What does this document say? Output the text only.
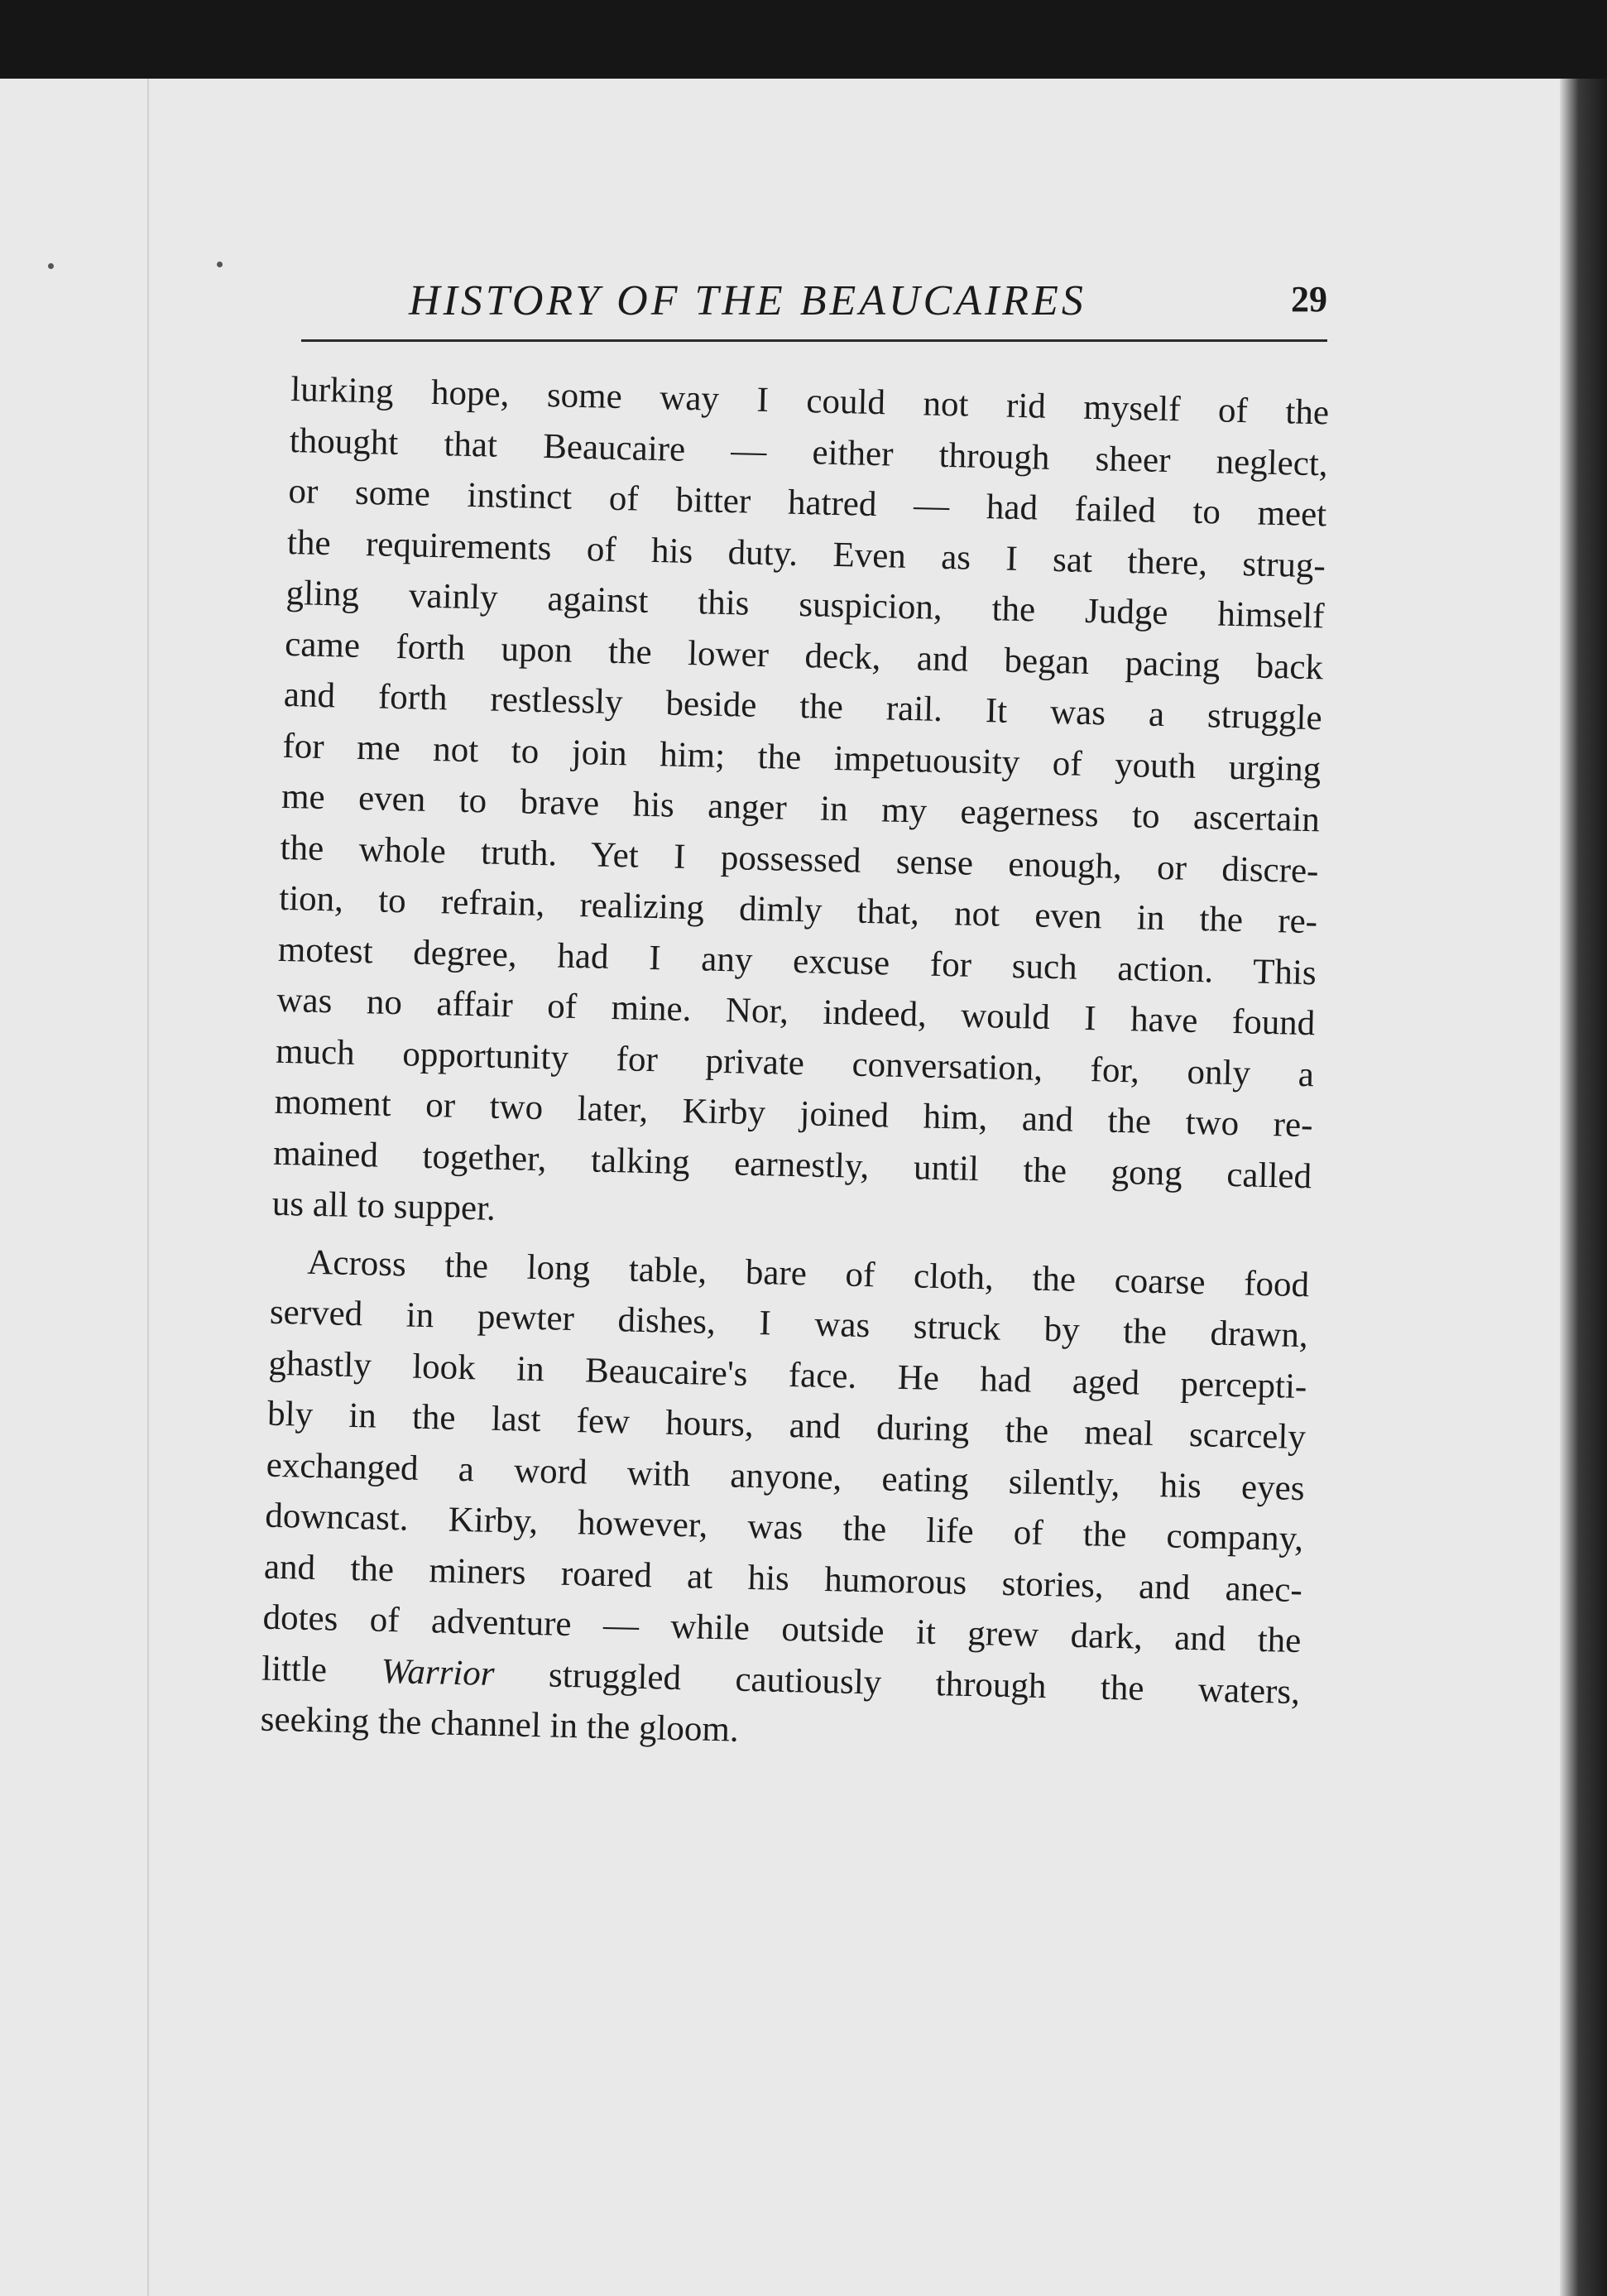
HISTORY OF THE BEAUCAIRES	29
lurking hope, some way I could not rid myself of the
thought that Beaucaire — either through sheer neglect,
or some instinct of bitter hatred — had failed to meet
the requirements of his duty. Even as I sat there, strug-
gling vainly against this suspicion, the Judge himself
came forth upon the lower deck, and began pacing back
and forth restlessly beside the rail. It was a struggle
for me not to join him; the impetuousity of youth urging
me even to brave his anger in my eagerness to ascertain
the whole truth. Yet I possessed sense enough, or discre-
tion, to refrain, realizing dimly that, not even in the re-
motest degree, had I any excuse for such action. This
was no affair of mine. Nor, indeed, would I have found
much opportunity for private conversation, for, only a
moment or two later, Kirby joined him, and the two re-
mained together, talking earnestly, until the gong called
us all to supper.
Across the long table, bare of cloth, the coarse food
served in pewter dishes, I was struck by the drawn,
ghastly look in Beaucaire's face. He had aged percepti-
bly in the last few hours, and during the meal scarcely
exchanged a word with anyone, eating silently, his eyes
downcast. Kirby, however, was the life of the company,
and the miners roared at his humorous stories, and anec-
dotes of adventure — while outside it grew dark, and the
little Warrior struggled cautiously through the waters,
seeking the channel in the gloom.
